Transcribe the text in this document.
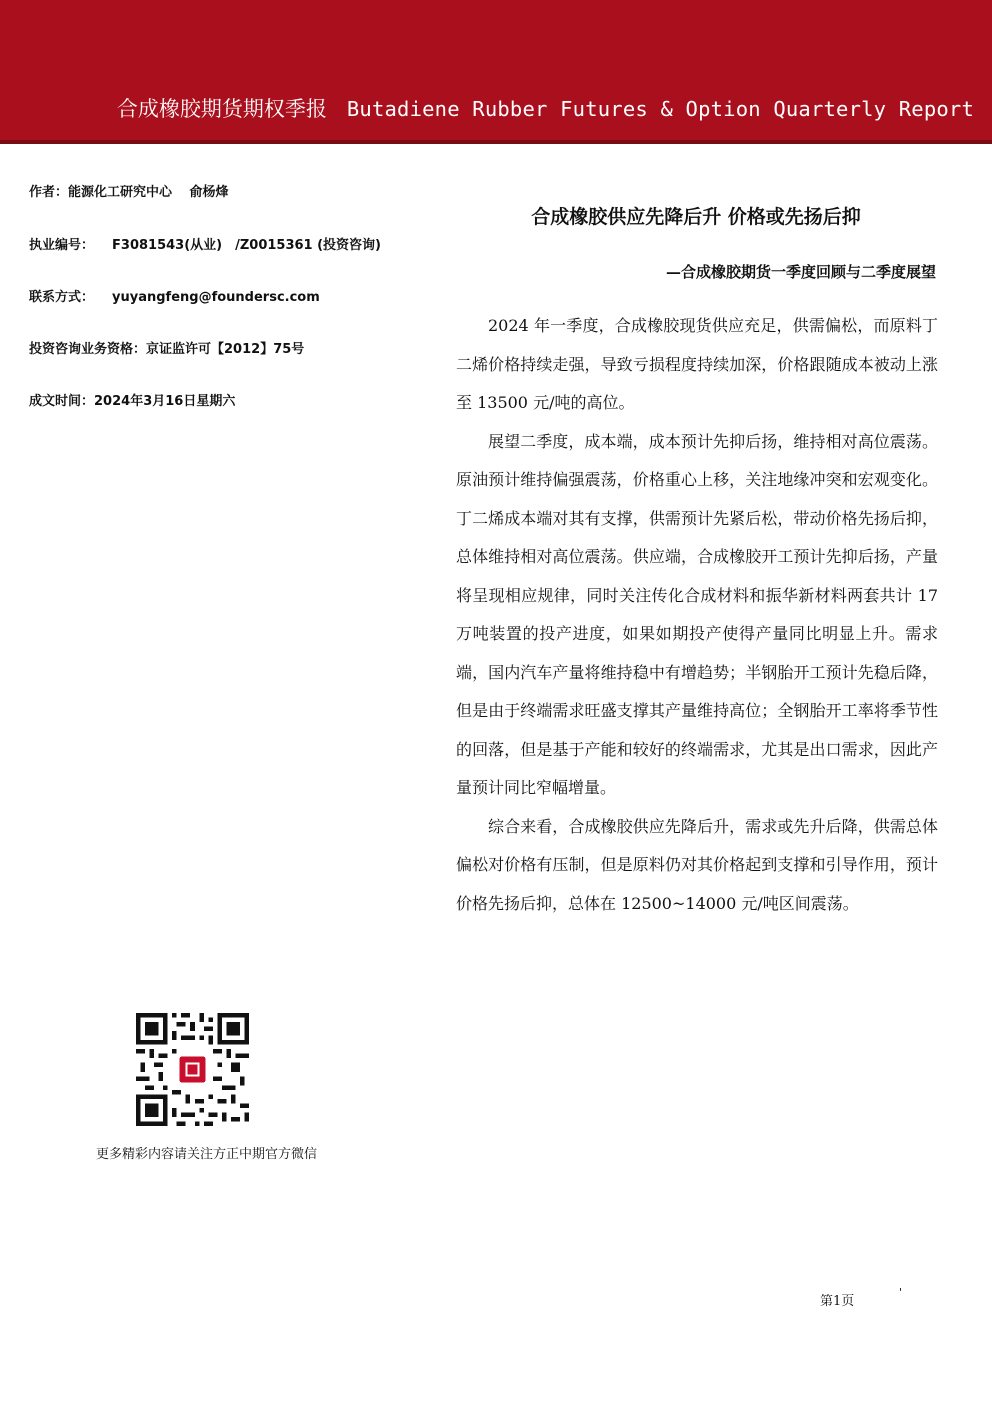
合成橡胶期货期权季报 Butadiene Rubber Futures & Option Quarterly Report
作者：能源化工研究中心　 俞杨烽
执业编号： F3081543(从业)　/Z0015361 (投资咨询)
联系方式： yuyangfeng@foundersc.com
投资咨询业务资格：京证监许可【2012】75号
成文时间：2024年3月16日星期六
合成橡胶供应先降后升 价格或先扬后抑
—合成橡胶期货一季度回顾与二季度展望

2024 年一季度，合成橡胶现货供应充足，供需偏松，而原料丁二烯价格持续走强，导致亏损程度持续加深，价格跟随成本被动上涨至 13500 元/吨的高位。

展望二季度，成本端，成本预计先抑后扬，维持相对高位震荡。原油预计维持偏强震荡，价格重心上移，关注地缘冲突和宏观变化。丁二烯成本端对其有支撑，供需预计先紧后松，带动价格先扬后抑，总体维持相对高位震荡。供应端，合成橡胶开工预计先抑后扬，产量将呈现相应规律，同时关注传化合成材料和振华新材料两套共计 17 万吨装置的投产进度，如果如期投产使得产量同比明显上升。需求端，国内汽车产量将维持稳中有增趋势；半钢胎开工预计先稳后降，但是由于终端需求旺盛支撑其产量维持高位；全钢胎开工率将季节性的回落，但是基于产能和较好的终端需求，尤其是出口需求，因此产量预计同比窄幅增量。

综合来看，合成橡胶供应先降后升，需求或先升后降，供需总体偏松对价格有压制，但是原料仍对其价格起到支撑和引导作用，预计价格先扬后抑，总体在 12500~14000 元/吨区间震荡。

更多精彩内容请关注方正中期官方微信
第1页
'
